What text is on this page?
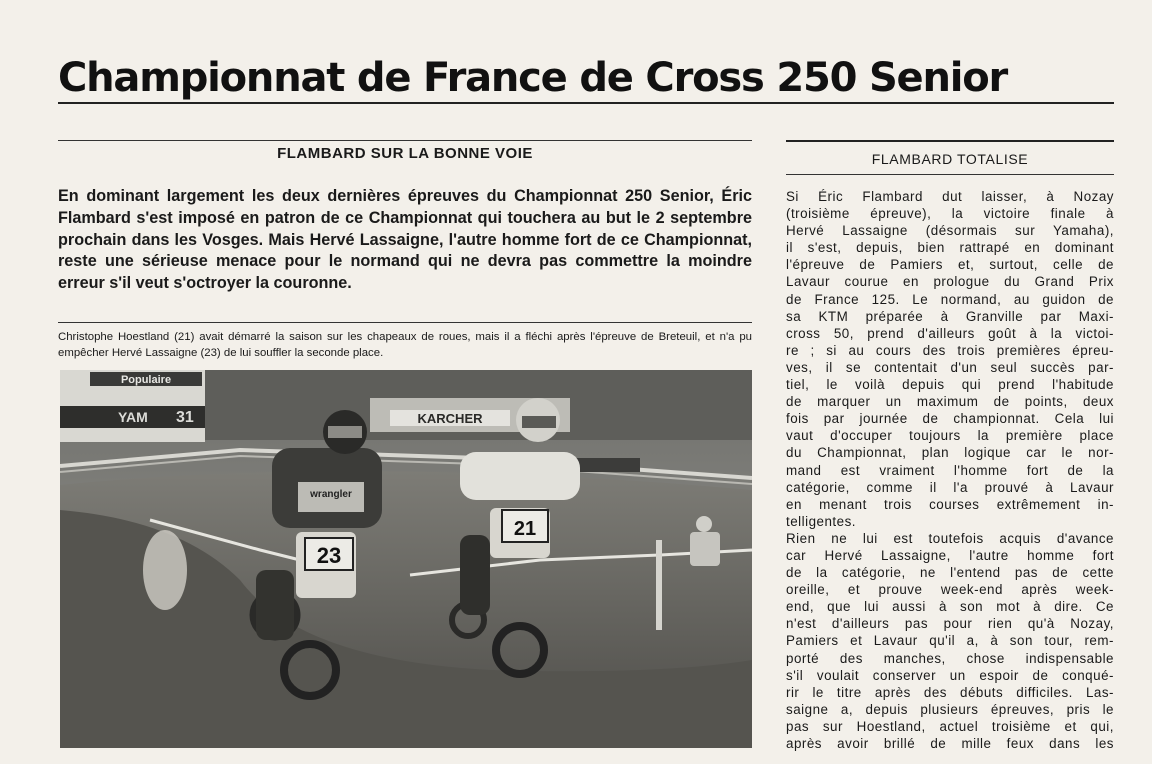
Championnat de France de Cross 250 Senior
FLAMBARD SUR LA BONNE VOIE
En dominant largement les deux dernières épreuves du Championnat 250 Senior, Éric Flambard s'est imposé en patron de ce Championnat qui touchera au but le 2 septembre prochain dans les Vosges. Mais Hervé Lassaigne, l'autre homme fort de ce Championnat, reste une sérieuse menace pour le normand qui ne devra pas commettre la moindre erreur s'il veut s'octroyer la couronne.
Christophe Hoestland (21) avait démarré la saison sur les chapeaux de roues, mais il a fléchi après l'épreuve de Breteuil, et n'a pu empêcher Hervé Lassaigne (23) de lui souffler la seconde place.
Populaire
YAM 31	KARCHER
23
wrangler
21
FLAMBARD TOTALISE
Si Éric Flambard dut laisser, à Nozay
(troisième épreuve), la victoire finale à
Hervé Lassaigne (désormais sur Yamaha),
il s'est, depuis, bien rattrapé en dominant
l'épreuve de Pamiers et, surtout, celle de
Lavaur courue en prologue du Grand Prix
de France 125. Le normand, au guidon de
sa KTM préparée à Granville par Maxi-
cross 50, prend d'ailleurs goût à la victoi-
re ; si au cours des trois premières épreu-
ves, il se contentait d'un seul succès par-
tiel, le voilà depuis qui prend l'habitude
de marquer un maximum de points, deux
fois par journée de championnat. Cela lui
vaut d'occuper toujours la première place
du Championnat, plan logique car le nor-
mand est vraiment l'homme fort de la
catégorie, comme il l'a prouvé à Lavaur
en menant trois courses extrêmement in-
telligentes.
Rien ne lui est toutefois acquis d'avance
car Hervé Lassaigne, l'autre homme fort
de la catégorie, ne l'entend pas de cette
oreille, et prouve week-end après week-
end, que lui aussi à son mot à dire. Ce
n'est d'ailleurs pas pour rien qu'à Nozay,
Pamiers et Lavaur qu'il a, à son tour, rem-
porté des manches, chose indispensable
s'il voulait conserver un espoir de conqué-
rir le titre après des débuts difficiles. Las-
saigne a, depuis plusieurs épreuves, pris le
pas sur Hoestland, actuel troisième et qui,
après avoir brillé de mille feux dans les
